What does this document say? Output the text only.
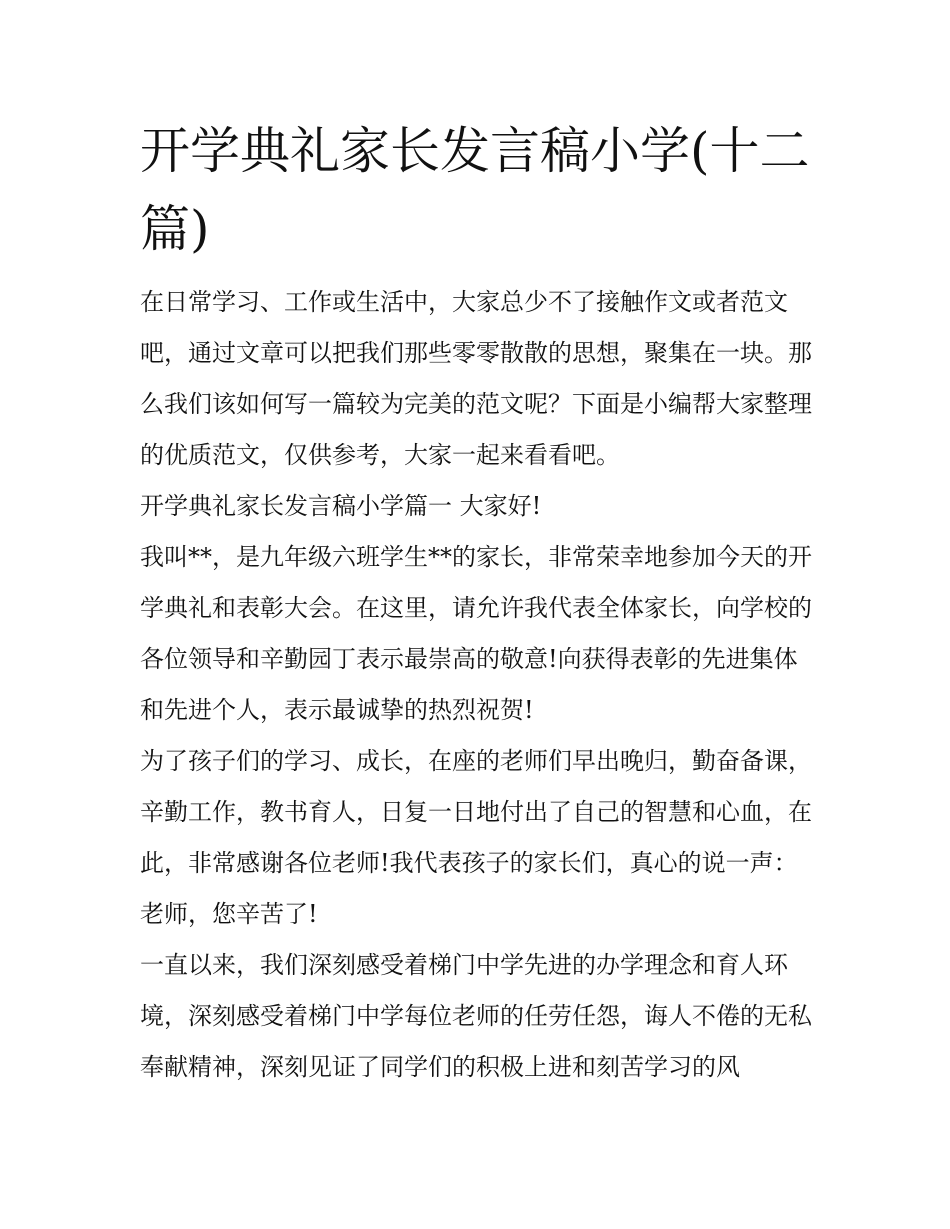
开学典礼家长发言稿小学(十二篇)

在日常学习、工作或生活中，大家总少不了接触作文或者范文吧，通过文章可以把我们那些零零散散的思想，聚集在一块。那么我们该如何写一篇较为完美的范文呢？下面是小编帮大家整理的优质范文，仅供参考，大家一起来看看吧。

开学典礼家长发言稿小学篇一 大家好!

我叫**，是九年级六班学生**的家长，非常荣幸地参加今天的开学典礼和表彰大会。在这里，请允许我代表全体家长，向学校的各位领导和辛勤园丁表示最崇高的敬意!向获得表彰的先进集体和先进个人，表示最诚挚的热烈祝贺!

为了孩子们的学习、成长，在座的老师们早出晚归，勤奋备课，辛勤工作，教书育人，日复一日地付出了自己的智慧和心血，在此，非常感谢各位老师!我代表孩子的家长们，真心的说一声：老师，您辛苦了!

一直以来，我们深刻感受着梯门中学先进的办学理念和育人环境，深刻感受着梯门中学每位老师的任劳任怨，诲人不倦的无私奉献精神，深刻见证了同学们的积极上进和刻苦学习的风
